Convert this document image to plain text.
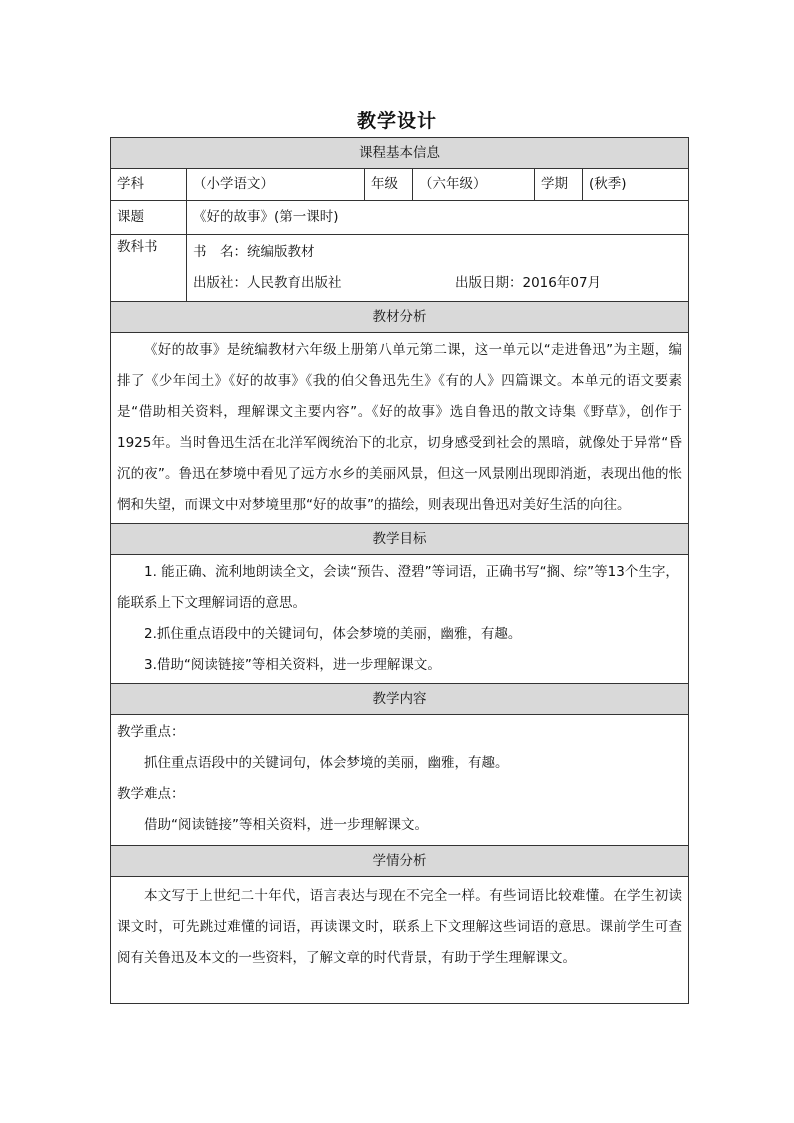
教学设计
课程基本信息					
学科	（小学语文）	年级	（六年级）	学期	(秋季)
课题	《好的故事》(第一课时)				
教科书	书　名：统编版教材
出版社：人民教育出版社 出版日期：2016年07月				

教材分析					

《好的故事》是统编教材六年级上册第八单元第二课，这一单元以“走进鲁迅”为主题，编排了《少年闰土》《好的故事》《我的伯父鲁迅先生》《有的人》四篇课文。本单元的语文要素是“借助相关资料，理解课文主要内容”。《好的故事》选自鲁迅的散文诗集《野草》，创作于1925年。当时鲁迅生活在北洋军阀统治下的北京，切身感受到社会的黑暗，就像处于异常“昏沉的夜”。鲁迅在梦境中看见了远方水乡的美丽风景，但这一风景刚出现即消逝，表现出他的怅惘和失望，而课文中对梦境里那“好的故事”的描绘，则表现出鲁迅对美好生活的向往。					

教学目标					

1. 能正确、流利地朗读全文，会读“预告、澄碧”等词语，正确书写“搁、综”等13个生字，能联系上下文理解词语的意思。
2.抓住重点语段中的关键词句，体会梦境的美丽，幽雅，有趣。
3.借助“阅读链接”等相关资料，进一步理解课文。					

教学内容					

教学重点：
抓住重点语段中的关键词句，体会梦境的美丽，幽雅，有趣。
教学难点：
借助“阅读链接”等相关资料，进一步理解课文。					

学情分析					

本文写于上世纪二十年代，语言表达与现在不完全一样。有些词语比较难懂。在学生初读课文时，可先跳过难懂的词语，再读课文时，联系上下文理解这些词语的意思。课前学生可查阅有关鲁迅及本文的一些资料，了解文章的时代背景，有助于学生理解课文。					
